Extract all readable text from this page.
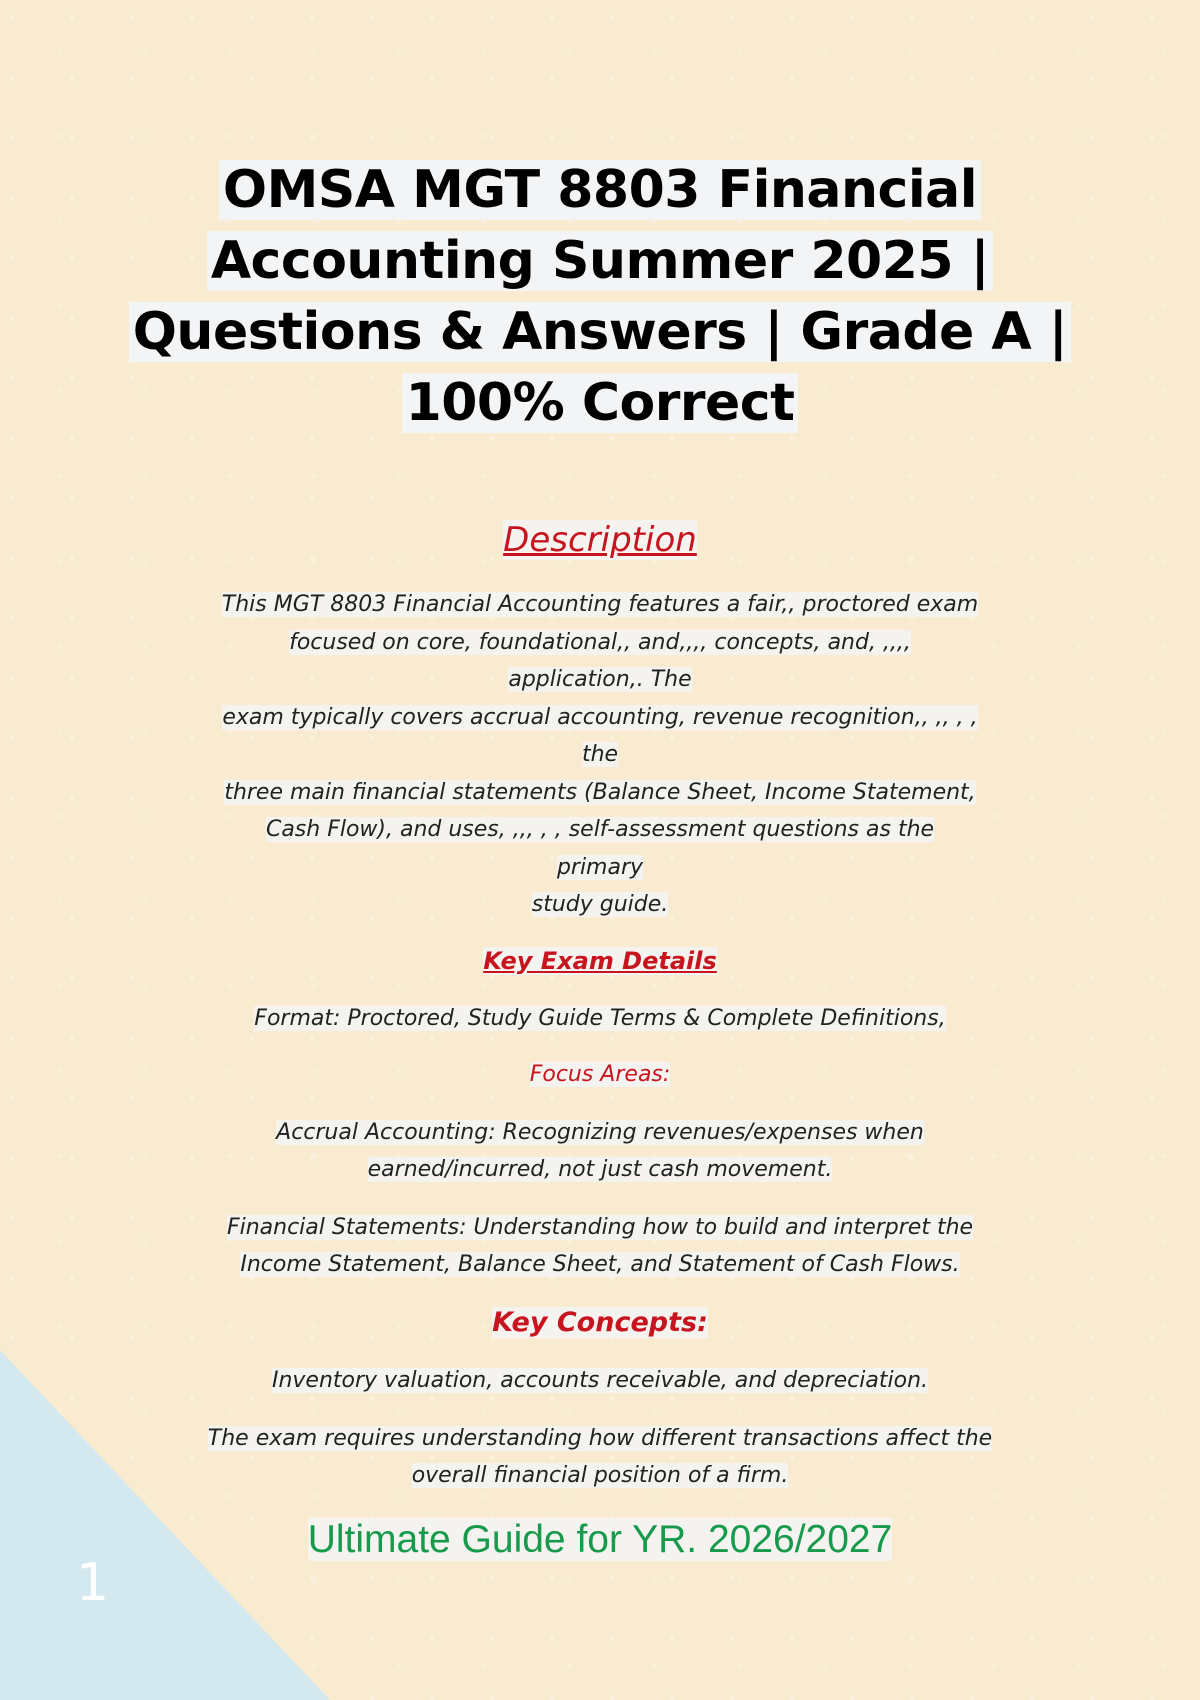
1
OMSA MGT 8803 Financial
Accounting Summer 2025 |
Questions & Answers | Grade A |
100% Correct
Description
This MGT 8803 Financial Accounting features a fair,, proctored exam
focused on core, foundational,, and,,,, concepts, and, ,,,, application,. The
exam typically covers accrual accounting, revenue recognition,, ,, , , the
three main financial statements (Balance Sheet, Income Statement,
Cash Flow), and uses, ,,, , , self-assessment questions as the primary
study guide.
Key Exam Details
Format: Proctored, Study Guide Terms & Complete Definitions,
Focus Areas:
Accrual Accounting: Recognizing revenues/expenses when
earned/incurred, not just cash movement.
Financial Statements: Understanding how to build and interpret the
Income Statement, Balance Sheet, and Statement of Cash Flows.
Key Concepts:
Inventory valuation, accounts receivable, and depreciation.
The exam requires understanding how different transactions affect the
overall financial position of a firm.
Ultimate Guide for YR. 2026/2027
